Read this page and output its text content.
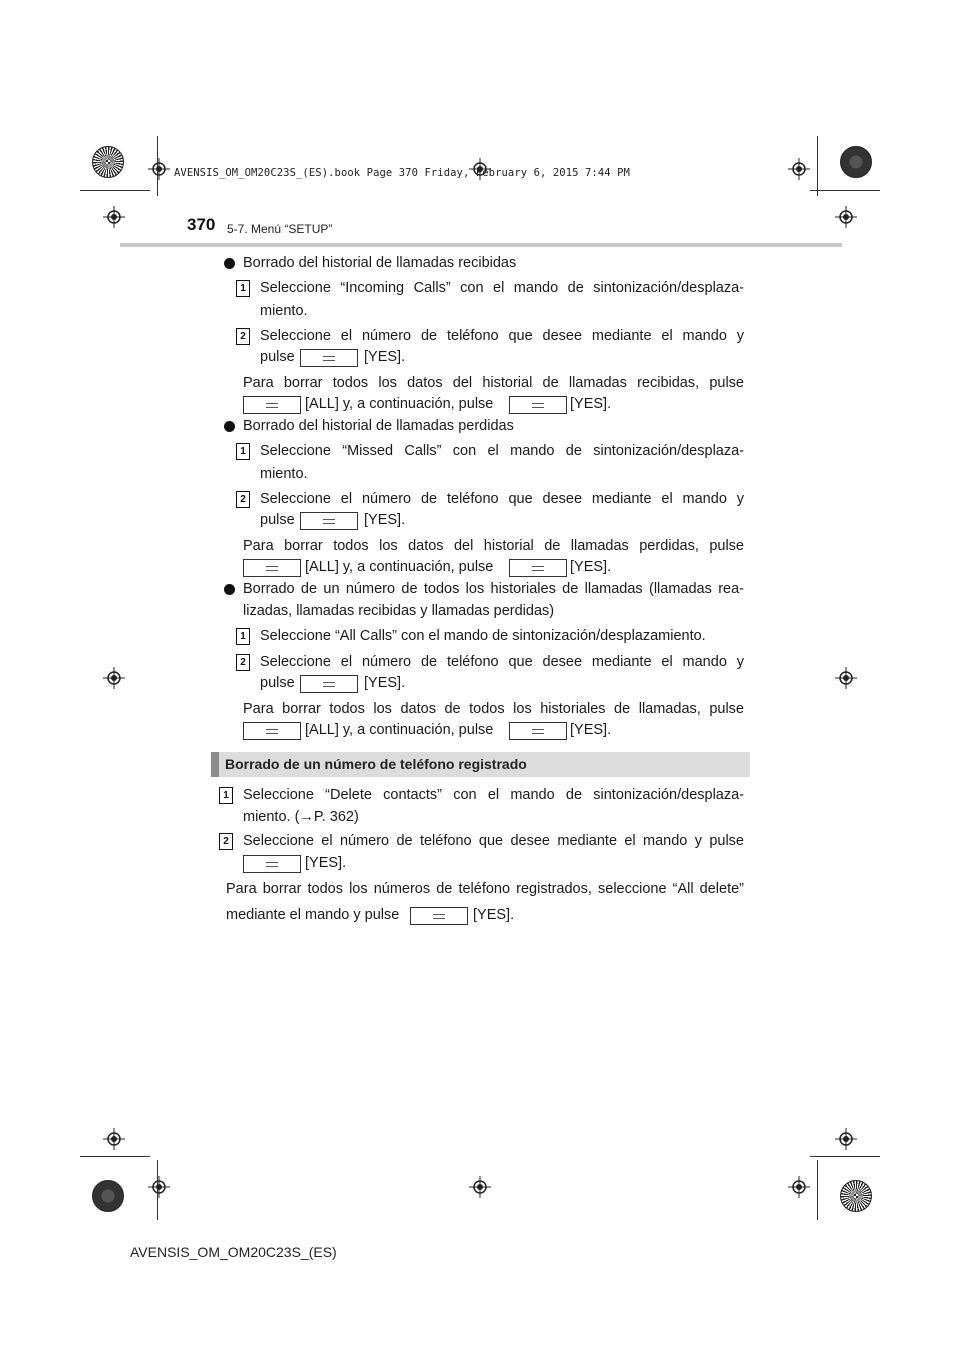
AVENSIS_OM_OM20C23S_(ES).book Page 370 Friday, February 6, 2015 7:44 PM
370 5-7. Menú “SETUP”
Borrado del historial de llamadas recibidas
1 Seleccione “Incoming Calls” con el mando de sintonización/desplaza-
miento.
2 Seleccione el número de teléfono que desee mediante el mando y
pulse	[YES].
Para borrar todos los datos del historial de llamadas recibidas, pulse
[ALL] y, a continuación, pulse	[YES].
Borrado del historial de llamadas perdidas
1 Seleccione “Missed Calls” con el mando de sintonización/desplaza-
miento.
2 Seleccione el número de teléfono que desee mediante el mando y
pulse	[YES].
Para borrar todos los datos del historial de llamadas perdidas, pulse
[ALL] y, a continuación, pulse	[YES].
Borrado de un número de todos los historiales de llamadas (llamadas rea-
lizadas, llamadas recibidas y llamadas perdidas)
1 Seleccione “All Calls” con el mando de sintonización/desplazamiento.
2 Seleccione el número de teléfono que desee mediante el mando y
pulse	[YES].
Para borrar todos los datos de todos los historiales de llamadas, pulse
[ALL] y, a continuación, pulse	[YES].
Borrado de un número de teléfono registrado
1 Seleccione “Delete contacts” con el mando de sintonización/desplaza-
miento. (→P. 362)
2 Seleccione el número de teléfono que desee mediante el mando y pulse
[YES].
Para borrar todos los números de teléfono registrados, seleccione “All delete”
mediante el mando y pulse	[YES].
AVENSIS_OM_OM20C23S_(ES)
